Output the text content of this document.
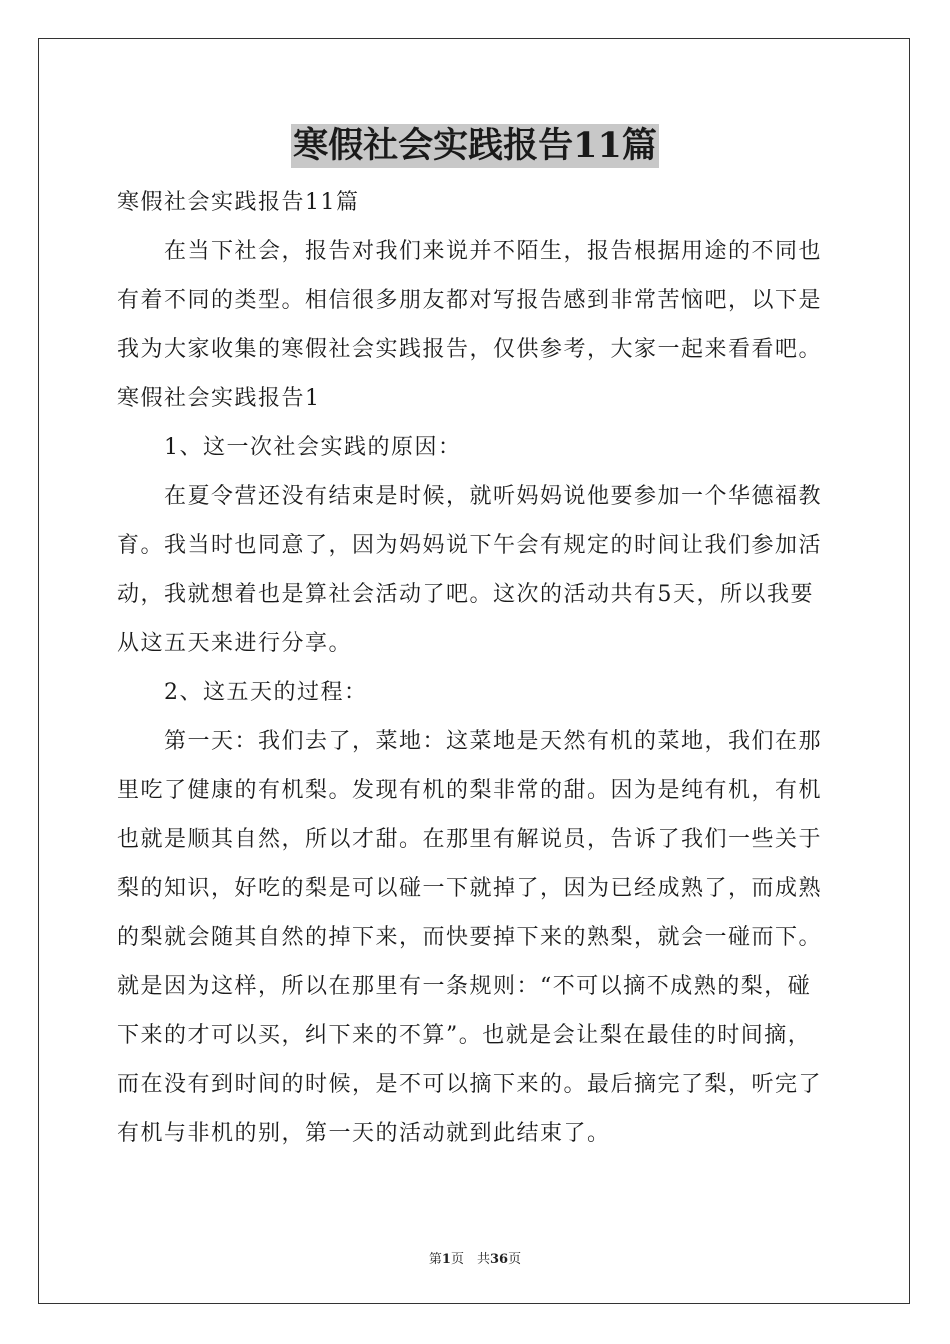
寒假社会实践报告11篇
寒假社会实践报告11篇
在当下社会，报告对我们来说并不陌生，报告根据用途的不同也
有着不同的类型。相信很多朋友都对写报告感到非常苦恼吧，以下是
我为大家收集的寒假社会实践报告，仅供参考，大家一起来看看吧。
寒假社会实践报告1
1、这一次社会实践的原因：
在夏令营还没有结束是时候，就听妈妈说他要参加一个华德福教
育。我当时也同意了，因为妈妈说下午会有规定的时间让我们参加活
动，我就想着也是算社会活动了吧。这次的活动共有5天，所以我要
从这五天来进行分享。
2、这五天的过程：
第一天：我们去了，菜地：这菜地是天然有机的菜地，我们在那
里吃了健康的有机梨。发现有机的梨非常的甜。因为是纯有机，有机
也就是顺其自然，所以才甜。在那里有解说员，告诉了我们一些关于
梨的知识，好吃的梨是可以碰一下就掉了，因为已经成熟了，而成熟
的梨就会随其自然的掉下来，而快要掉下来的熟梨，就会一碰而下。
就是因为这样，所以在那里有一条规则：“不可以摘不成熟的梨，碰
下来的才可以买，纠下来的不算”。也就是会让梨在最佳的时间摘，
而在没有到时间的时候，是不可以摘下来的。最后摘完了梨，听完了
有机与非机的别，第一天的活动就到此结束了。
第1页　共36页
